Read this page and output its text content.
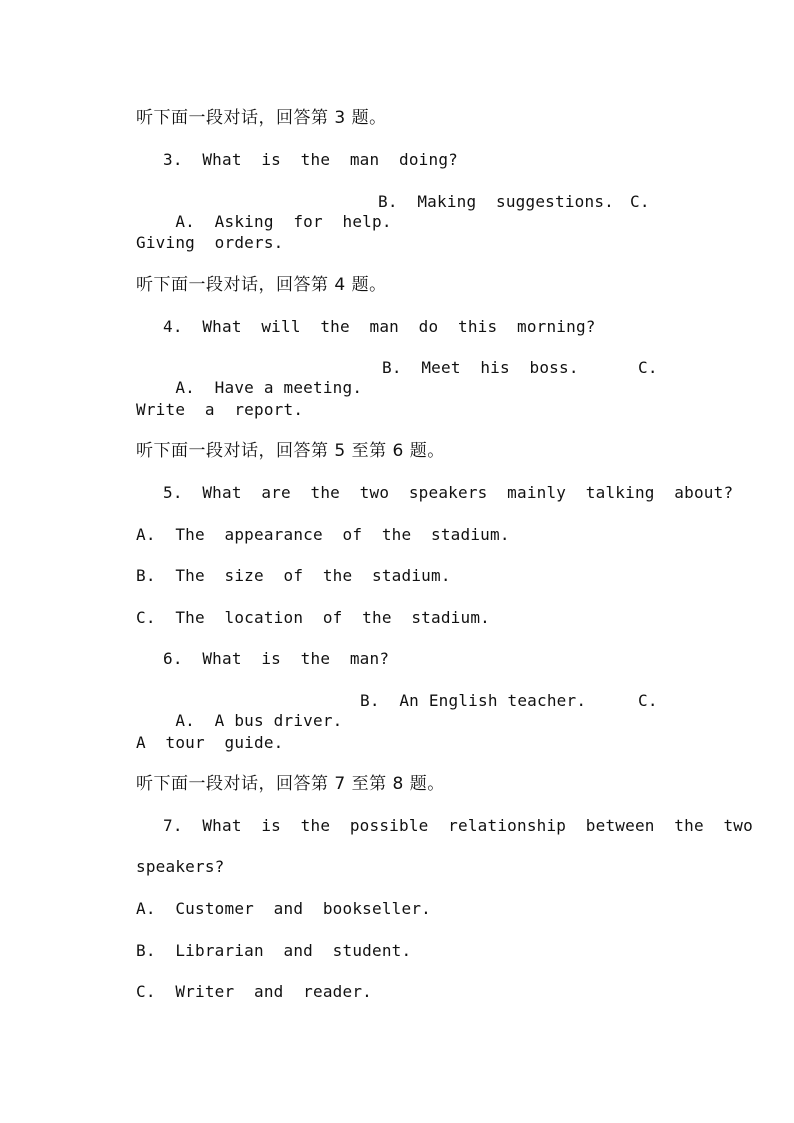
听下面一段对话，回答第 3 题。
3.  What  is  the  man  doing?

A.  Asking  for  help.

B.  Making  suggestions.

C.

Giving  orders.
听下面一段对话，回答第 4 题。
4.  What  will  the  man  do  this  morning?

A.  Have a meeting.

B.  Meet  his  boss.

	C.

Write  a  report.
听下面一段对话，回答第 5 至第 6 题。
5.  What  are  the  two  speakers  mainly  talking  about?
A.  The  appearance  of  the  stadium.
B.  The  size  of  the  stadium.
C.  The  location  of  the  stadium.
6.  What  is  the  man?

A.  A bus driver.

B.  An English teacher.

	C.

A  tour  guide.
听下面一段对话，回答第 7 至第 8 题。
7.  What  is  the  possible  relationship  between  the  two
speakers?
A.  Customer  and  bookseller.
B.  Librarian  and  student.
C.  Writer  and  reader.
